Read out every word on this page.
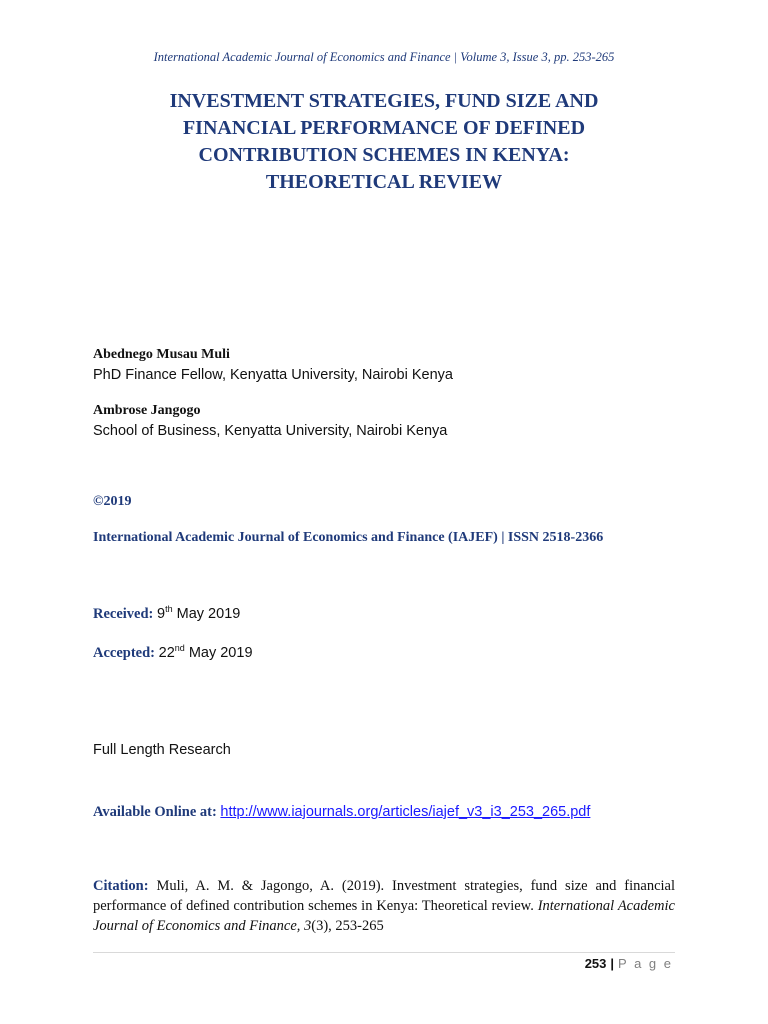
International Academic Journal of Economics and Finance | Volume 3, Issue 3, pp. 253-265
INVESTMENT STRATEGIES, FUND SIZE AND
FINANCIAL PERFORMANCE OF DEFINED
CONTRIBUTION SCHEMES IN KENYA:
THEORETICAL REVIEW
Abednego Musau Muli
PhD Finance Fellow, Kenyatta University, Nairobi Kenya
Ambrose Jangogo
School of Business, Kenyatta University, Nairobi Kenya
©2019
International Academic Journal of Economics and Finance (IAJEF) | ISSN 2518-2366
Received: 9th May 2019
Accepted: 22nd May 2019
Full Length Research
Available Online at: http://www.iajournals.org/articles/iajef_v3_i3_253_265.pdf
Citation: Muli, A. M. & Jagongo, A. (2019). Investment strategies, fund size and financial performance of defined contribution schemes in Kenya: Theoretical review. International Academic Journal of Economics and Finance, 3(3), 253-265
253 | P a g e
